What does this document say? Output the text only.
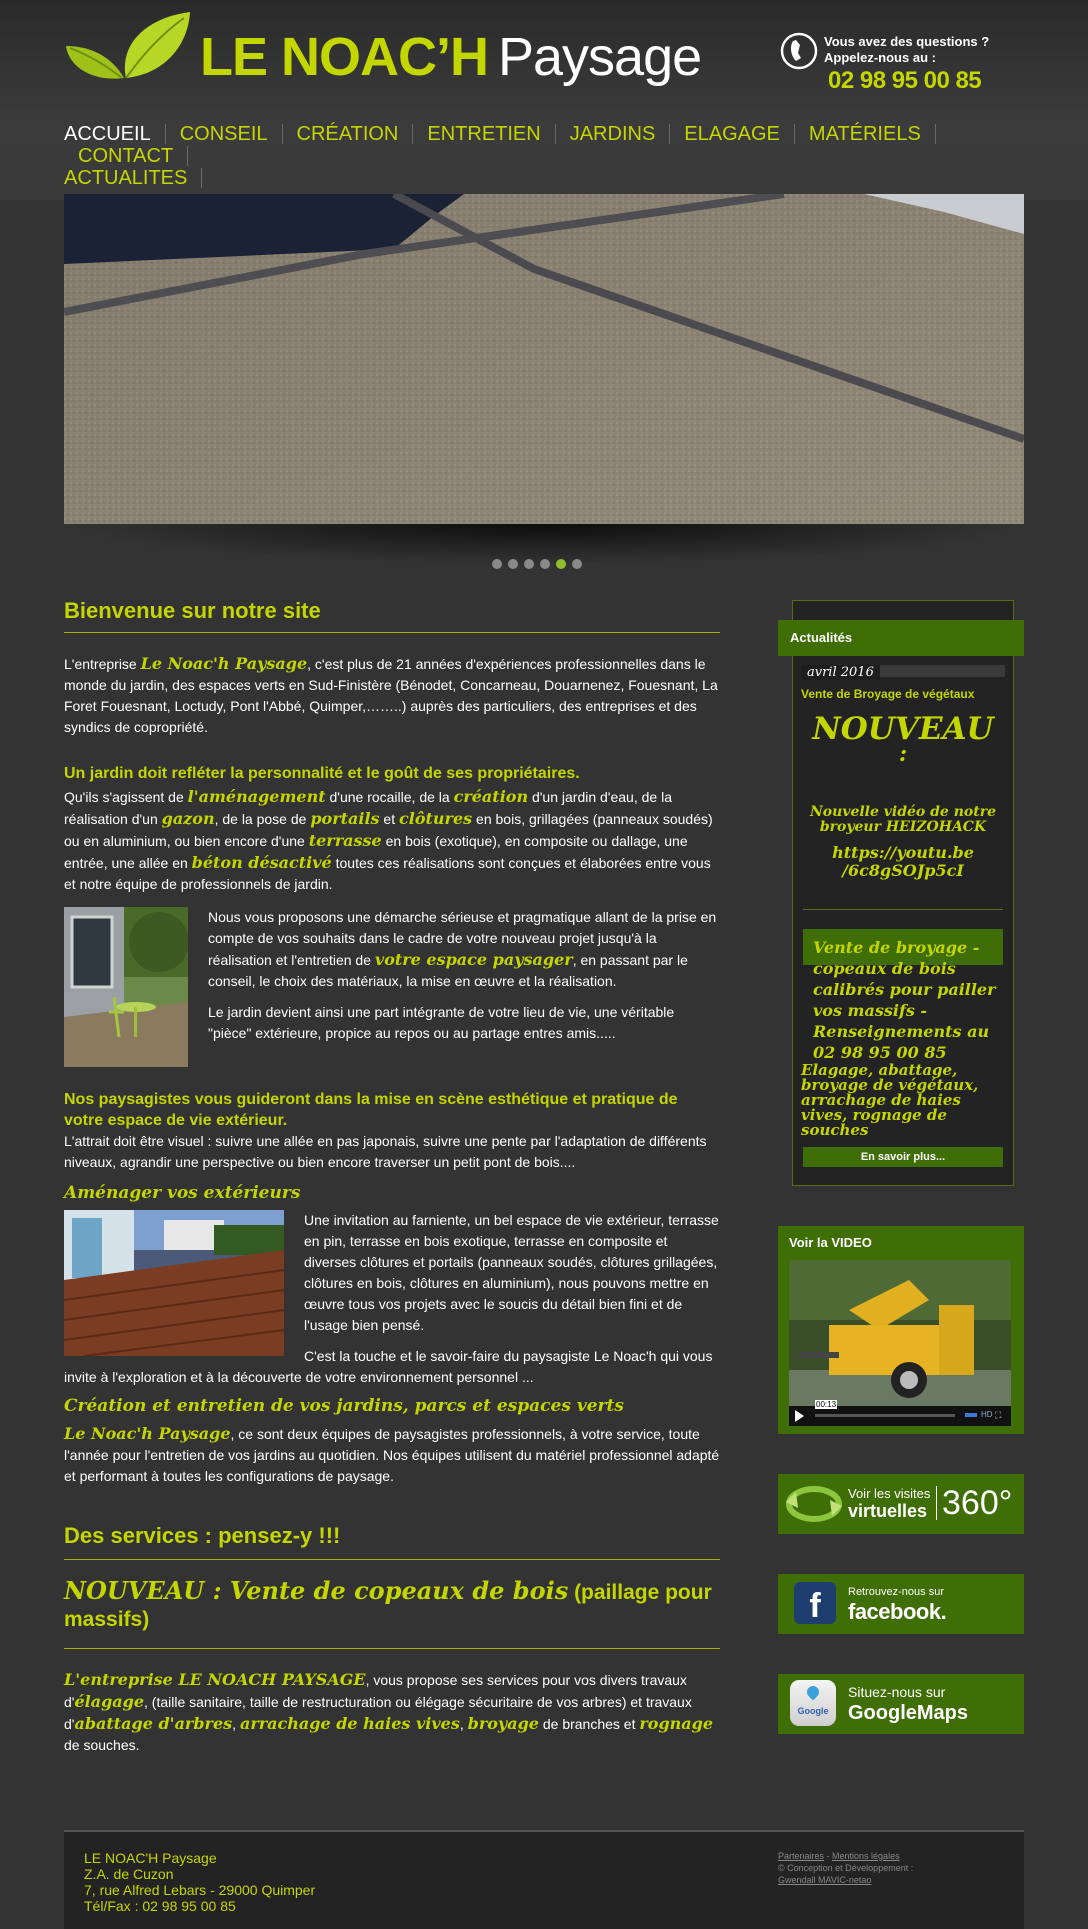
LE NOAC’H Paysage	Vous avez des questions ?
Appelez-nous au :
02 98 95 00 85
ACCUEIL CONSEIL CRÉATION ENTRETIEN JARDINS ELAGAGE MATÉRIELSCONTACT
ACTUALITES
Bienvenue sur notre site

L'entreprise Le Noac'h Paysage, c'est plus de 21 années d'expériences professionnelles dans le monde du jardin, des espaces verts en Sud-Finistère (Bénodet, Concarneau, Douarnenez, Fouesnant, La Foret Fouesnant, Loctudy, Pont l'Abbé, Quimper,……..) auprès des particuliers, des entreprises et des syndics de copropriété.

Un jardin doit refléter la personnalité et le goût de ses propriétaires.

Qu'ils s'agissent de l'aménagement d'une rocaille, de la création d'un jardin d'eau, de la réalisation d'un gazon, de la pose de portails et clôtures en bois, grillagées (panneaux soudés) ou en aluminium, ou bien encore d'une terrasse en bois (exotique), en composite ou dallage, une entrée, une allée en béton désactivé toutes ces réalisations sont conçues et élaborées entre vous et notre équipe de professionnels de jardin.

Nous vous proposons une démarche sérieuse et pragmatique allant de la prise en compte de vos souhaits dans le cadre de votre nouveau projet jusqu'à la réalisation et l'entretien de votre espace paysager, en passant par le conseil, le choix des matériaux, la mise en œuvre et la réalisation.

Le jardin devient ainsi une part intégrante de votre lieu de vie, une véritable "pièce" extérieure, propice au repos ou au partage entres amis.....

Nos paysagistes vous guideront dans la mise en scène esthétique et pratique de votre espace de vie extérieur.

L'attrait doit être visuel : suivre une allée en pas japonais, suivre une pente par l'adaptation de différents niveaux, agrandir une perspective ou bien encore traverser un petit pont de bois....

Aménager vos extérieurs

Une invitation au farniente, un bel espace de vie extérieur, terrasse en pin, terrasse en bois exotique, terrasse en composite et diverses clôtures et portails (panneaux soudés, clôtures grillagées, clôtures en bois, clôtures en aluminium), nous pouvons mettre en œuvre tous vos projets avec le soucis du détail bien fini et de l'usage bien pensé.

C'est la touche et le savoir-faire du paysagiste Le Noac'h qui vous invite à l'exploration et à la découverte de votre environnement personnel ...

Création et entretien de vos jardins, parcs et espaces verts

Le Noac'h Paysage, ce sont deux équipes de paysagistes professionnels, à votre service, toute l'année pour l'entretien de vos jardins au quotidien. Nos équipes utilisent du matériel professionnel adapté et performant à toutes les configurations de paysage.

Des services : pensez-y !!!
NOUVEAU : Vente de copeaux de bois (paillage pour massifs)

L'entreprise LE NOACH PAYSAGE, vous propose ses services pour vos divers travaux d'élagage, (taille sanitaire, taille de restructuration ou élégage sécuritaire de vos arbres) et travaux d'abattage d'arbres, arrachage de haies vives, broyage de branches et rognage de souches.

avril 2016
Vente de Broyage de végétaux
NOUVEAU
:
Nouvelle vidéo de notre broyeur HEIZOHACK
https://youtu.be /6c8gSOJp5cI
Vente de broyage - copeaux de bois calibrés pour pailler vos massifs - Renseignements au 02 98 95 00 85
Elagage, abattage, broyage de végétaux, arrachage de haies vives, rognage de souches
En savoir plus...
Actualités
Voir la VIDEO
00:13
HD ⛶
Voir les visites
virtuelles 360°
f	Retrouvez-nous sur
facebook.
Google
Situez-nous sur
GoogleMaps
LE NOAC'H Paysage
Z.A. de Cuzon
7, rue Alfred Lebars - 29000 Quimper
Tél/Fax : 02 98 95 00 85
Partenaires - Mentions légales
© Conception et Développement :
Gwendall MAVIC-netao
